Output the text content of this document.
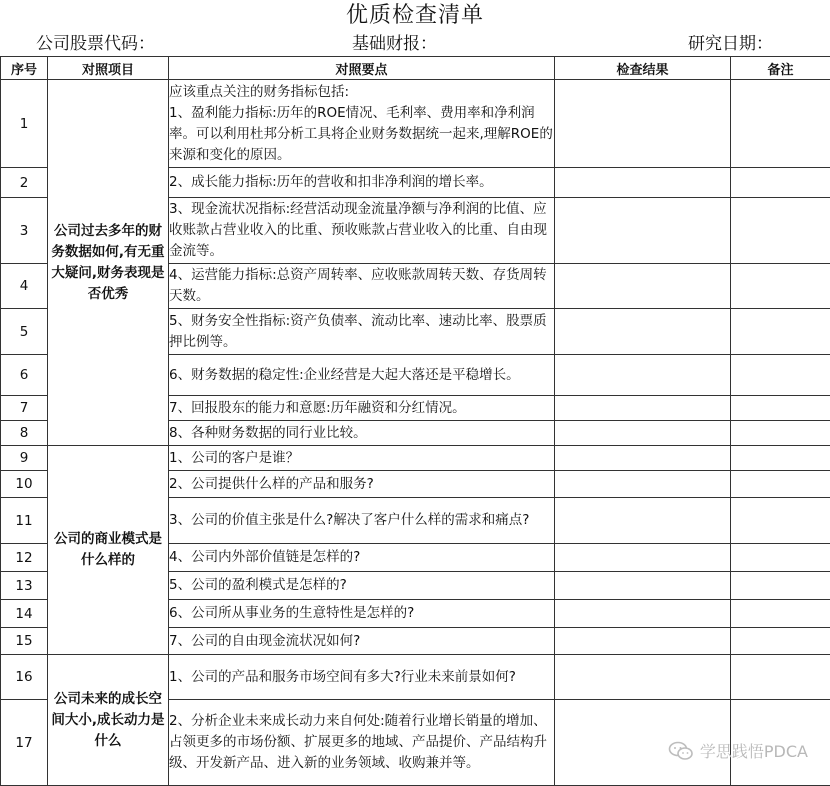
优质检查清单
公司股票代码：	基础财报：	研究日期：
序号	对照项目	对照要点	检查结果	备注
1	公司过去多年的财务数据如何,有无重大疑问,财务表现是否优秀	应该重点关注的财务指标包括:
1、盈利能力指标:历年的ROE情况、毛利率、费用率和净利润率。可以利用杜邦分析工具将企业财务数据统一起来,理解ROE的来源和变化的原因。		

2		2、成长能力指标:历年的营收和扣非净利润的增长率。		
3		3、现金流状况指标:经营活动现金流量净额与净利润的比值、应收账款占营业收入的比重、预收账款占营业收入的比重、自由现金流等。		
4		4、运营能力指标:总资产周转率、应收账款周转天数、存货周转天数。		
5		5、财务安全性指标:资产负债率、流动比率、速动比率、股票质押比例等。		
6		6、财务数据的稳定性:企业经营是大起大落还是平稳增长。		
7		7、回报股东的能力和意愿:历年融资和分红情况。		
8		8、各种财务数据的同行业比较。		
9	公司的商业模式是什么样的	1、公司的客户是谁？		
10		2、公司提供什么样的产品和服务?		
11		3、公司的价值主张是什么?解决了客户什么样的需求和痛点?		
12		4、公司内外部价值链是怎样的?		
13		5、公司的盈利模式是怎样的?		
14		6、公司所从事业务的生意特性是怎样的?		
15		7、公司的自由现金流状况如何?		
16	公司未来的成长空间大小,成长动力是什么	1、公司的产品和服务市场空间有多大?行业未来前景如何?		
17		2、分析企业未来成长动力来自何处:随着行业增长销量的增加、占领更多的市场份额、扩展更多的地域、产品提价、产品结构升级、开发新产品、进入新的业务领域、收购兼并等。		
学思践悟PDCA
